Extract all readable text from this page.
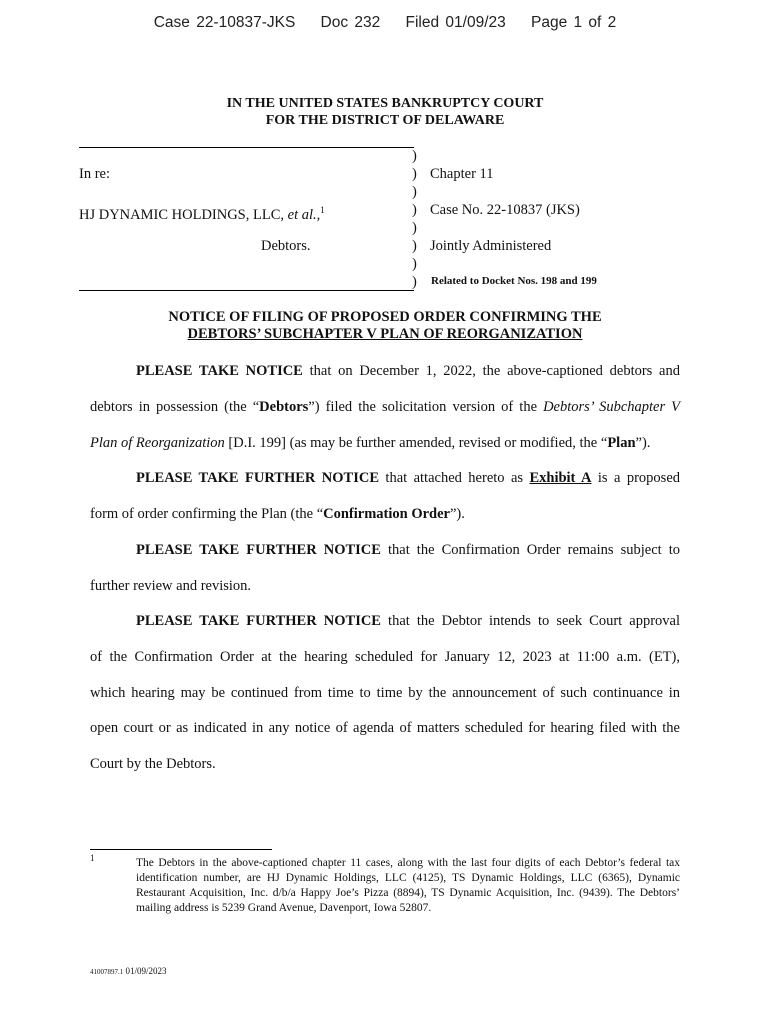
Case 22-10837-JKS Doc 232 Filed 01/09/23 Page 1 of 2
IN THE UNITED STATES BANKRUPTCY COURT
FOR THE DISTRICT OF DELAWARE
In re:
HJ DYNAMIC HOLDINGS, LLC, et al.,$^1$
Debtors.
)
)
)
)
)
)
)
)
Chapter 11
Case No. 22-10837 (JKS)
Jointly Administered
Related to Docket Nos. 198 and 199
NOTICE OF FILING OF PROPOSED ORDER CONFIRMING THE
DEBTORS’ SUBCHAPTER V PLAN OF REORGANIZATION
PLEASE TAKE NOTICE that on December 1, 2022, the above-captioned debtors and
debtors in possession (the “Debtors”) filed the solicitation version of the Debtors’ Subchapter V
Plan of Reorganization [D.I. 199] (as may be further amended, revised or modified, the “Plan”).
PLEASE TAKE FURTHER NOTICE that attached hereto as Exhibit A is a proposed
form of order confirming the Plan (the “Confirmation Order”).
PLEASE TAKE FURTHER NOTICE that the Confirmation Order remains subject to
further review and revision.
PLEASE TAKE FURTHER NOTICE that the Debtor intends to seek Court approval
of the Confirmation Order at the hearing scheduled for January 12, 2023 at 11:00 a.m. (ET),
which hearing may be continued from time to time by the announcement of such continuance in
open court or as indicated in any notice of agenda of matters scheduled for hearing filed with the
Court by the Debtors.
1	The Debtors in the above-captioned chapter 11 cases, along with the last four digits of each Debtor’s federal tax identification number, are HJ Dynamic Holdings, LLC (4125), TS Dynamic Holdings, LLC (6365), Dynamic Restaurant Acquisition, Inc. d/b/a Happy Joe’s Pizza (8894), TS Dynamic Acquisition, Inc. (9439). The Debtors’ mailing address is 5239 Grand Avenue, Davenport, Iowa 52807.
41007897.1 01/09/2023
